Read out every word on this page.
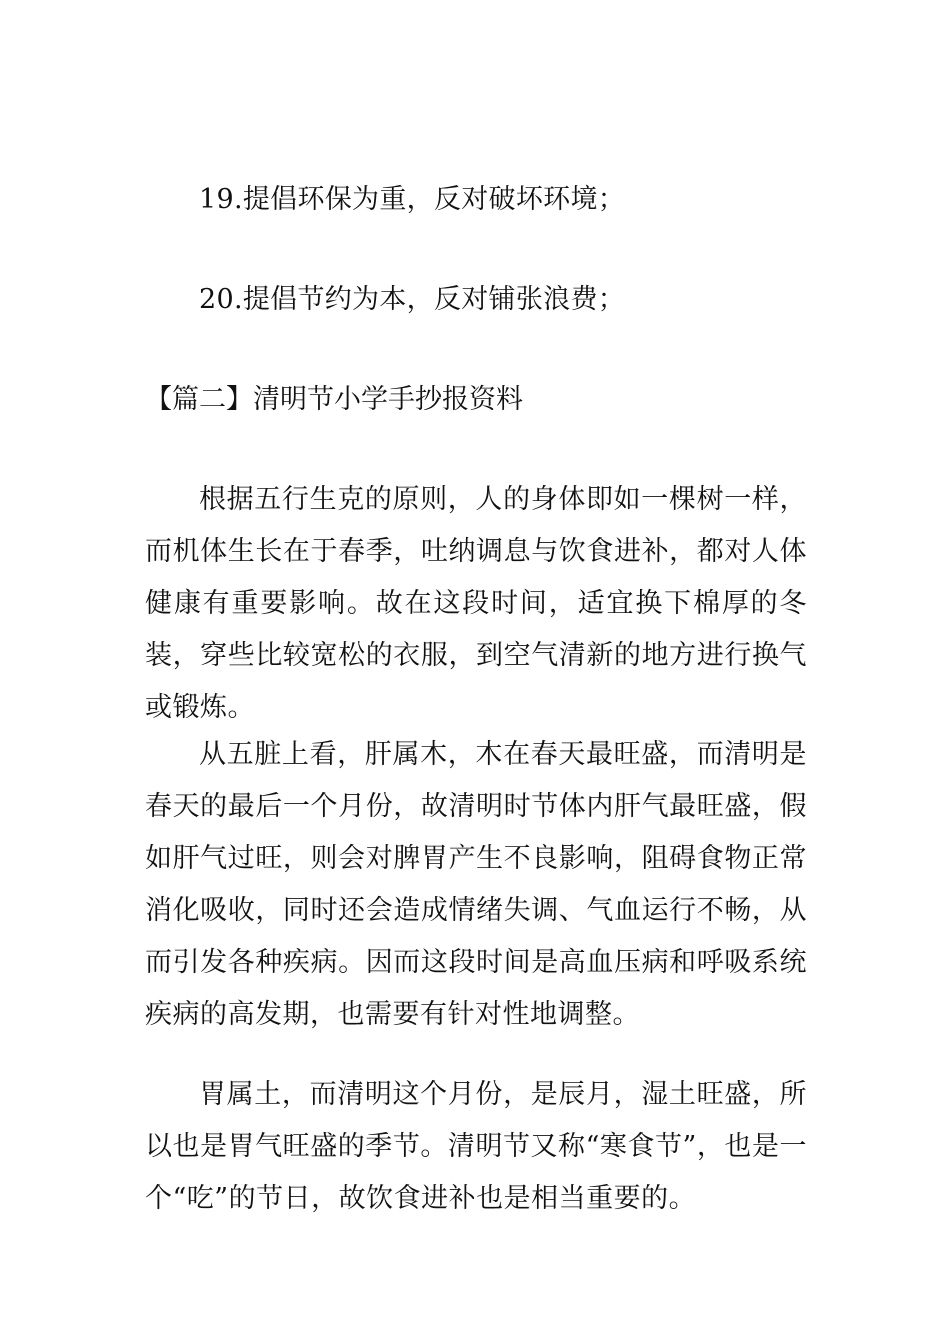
19.提倡环保为重，反对破坏环境；
20.提倡节约为本，反对铺张浪费；
【篇二】清明节小学手抄报资料
根据五行生克的原则，人的身体即如一棵树一样，而机体生长在于春季，吐纳调息与饮食进补，都对人体健康有重要影响。故在这段时间，适宜换下棉厚的冬装，穿些比较宽松的衣服，到空气清新的地方进行换气或锻炼。
从五脏上看，肝属木，木在春天最旺盛，而清明是春天的最后一个月份，故清明时节体内肝气最旺盛，假如肝气过旺，则会对脾胃产生不良影响，阻碍食物正常消化吸收，同时还会造成情绪失调、气血运行不畅，从而引发各种疾病。因而这段时间是高血压病和呼吸系统疾病的高发期，也需要有针对性地调整。
胃属土，而清明这个月份，是辰月，湿土旺盛，所以也是胃气旺盛的季节。清明节又称“寒食节”，也是一个“吃”的节日，故饮食进补也是相当重要的。
